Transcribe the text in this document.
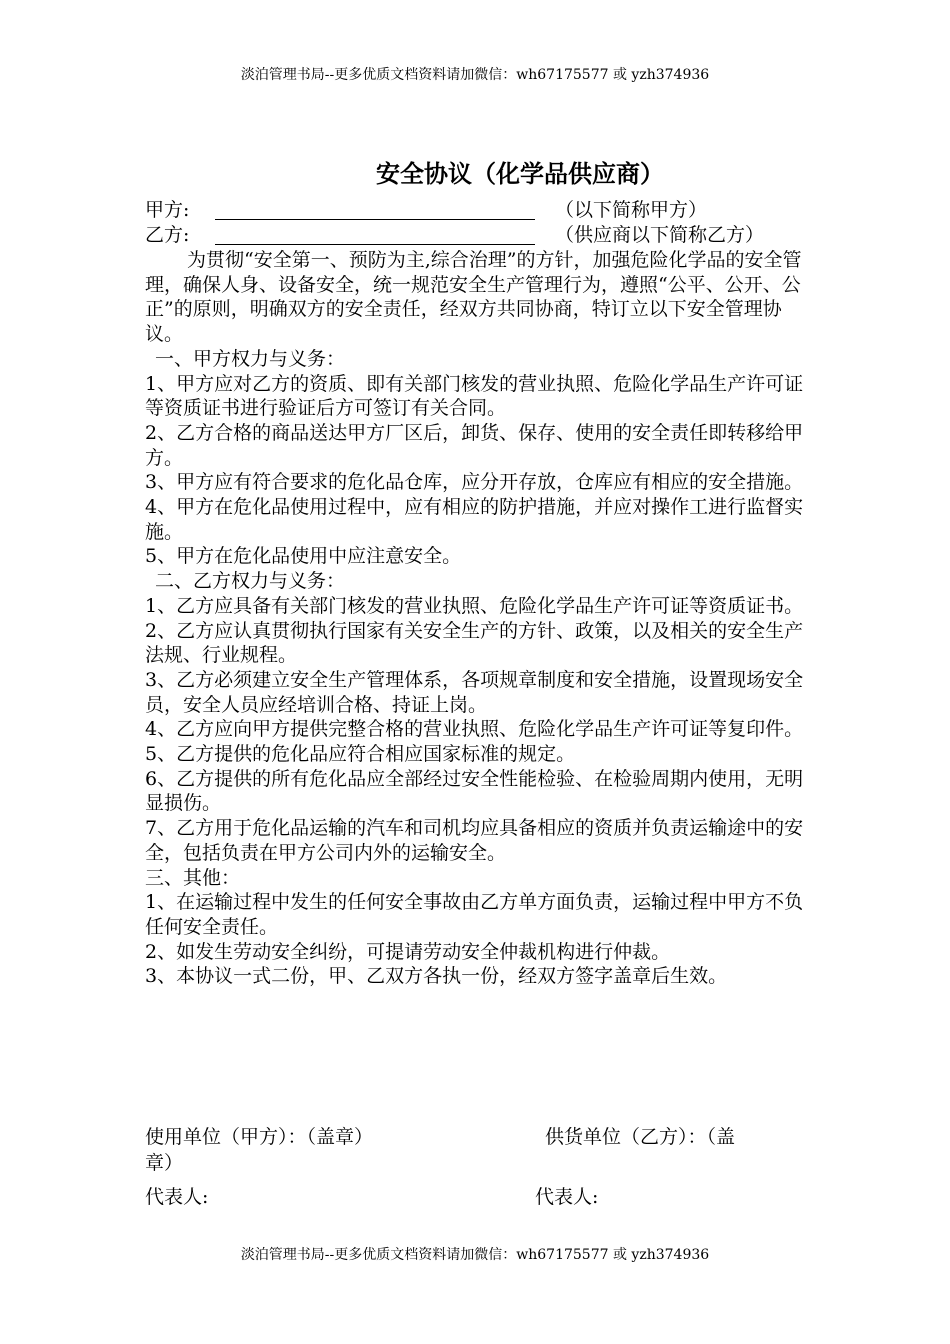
淡泊管理书局--更多优质文档资料请加微信：wh67175577 或 yzh374936
安全协议（化学品供应商）
甲方:	（以下简称甲方）
乙方:	（供应商以下简称乙方）

为贯彻“安全第一、预防为主,综合治理”的方针，加强危险化学品的安全管理，确保人身、设备安全，统一规范安全生产管理行为，遵照“公平、公开、公正”的原则，明确双方的安全责任，经双方共同协商，特订立以下安全管理协议。

一、甲方权力与义务：

1、甲方应对乙方的资质、即有关部门核发的营业执照、危险化学品生产许可证等资质证书进行验证后方可签订有关合同。

2、乙方合格的商品送达甲方厂区后，卸货、保存、使用的安全责任即转移给甲方。

3、甲方应有符合要求的危化品仓库，应分开存放，仓库应有相应的安全措施。

4、甲方在危化品使用过程中，应有相应的防护措施，并应对操作工进行监督实施。

5、甲方在危化品使用中应注意安全。

二、乙方权力与义务：

1、乙方应具备有关部门核发的营业执照、危险化学品生产许可证等资质证书。

2、乙方应认真贯彻执行国家有关安全生产的方针、政策，以及相关的安全生产法规、行业规程。

3、乙方必须建立安全生产管理体系，各项规章制度和安全措施，设置现场安全员，安全人员应经培训合格、持证上岗。

4、乙方应向甲方提供完整合格的营业执照、危险化学品生产许可证等复印件。

5、乙方提供的危化品应符合相应国家标准的规定。

6、乙方提供的所有危化品应全部经过安全性能检验、在检验周期内使用，无明显损伤。

7、乙方用于危化品运输的汽车和司机均应具备相应的资质并负责运输途中的安全，包括负责在甲方公司内外的运输安全。

三、其他：

1、在运输过程中发生的任何安全事故由乙方单方面负责，运输过程中甲方不负任何安全责任。

2、如发生劳动安全纠纷，可提请劳动安全仲裁机构进行仲裁。

3、本协议一式二份，甲、乙双方各执一份，经双方签字盖章后生效。

使用单位（甲方）：（盖章）	供货单位（乙方）：（盖
章）
代表人:	代表人:
淡泊管理书局--更多优质文档资料请加微信：wh67175577 或 yzh374936
